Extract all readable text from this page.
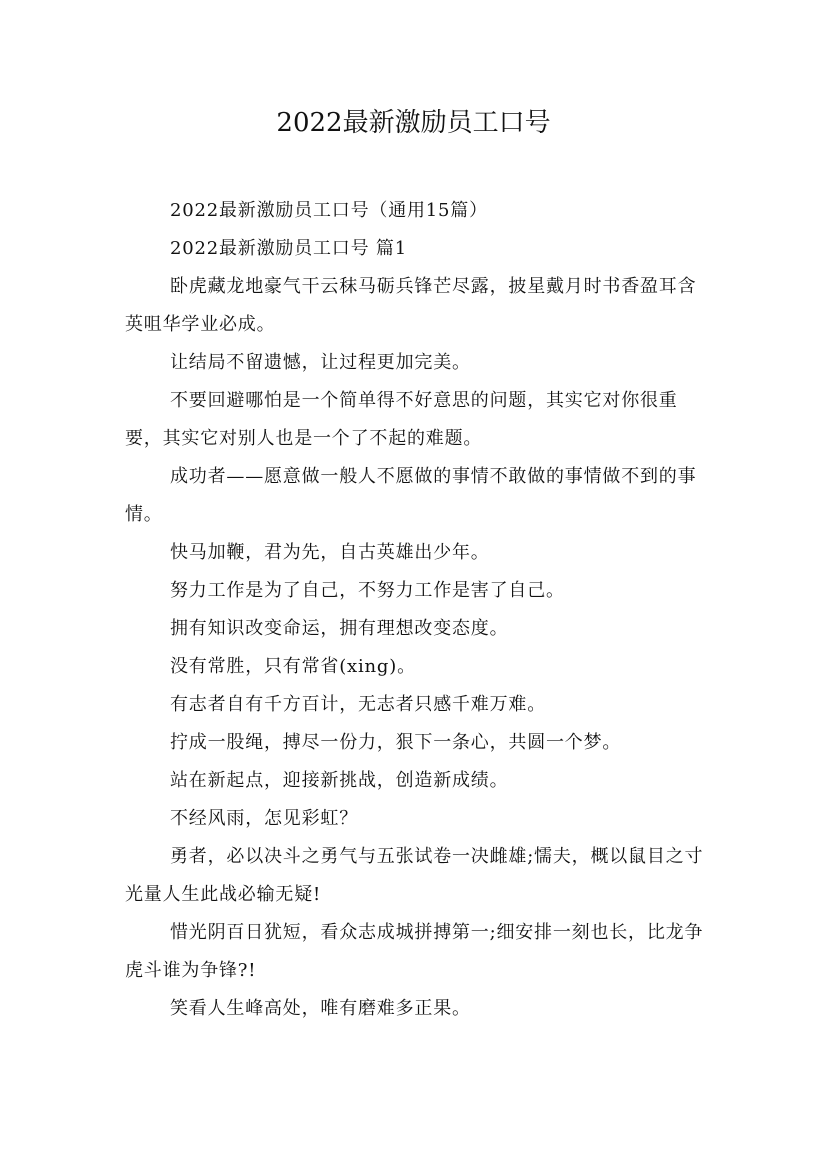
2022最新激励员工口号

2022最新激励员工口号（通用15篇）

2022最新激励员工口号 篇1

卧虎藏龙地豪气干云秣马砺兵锋芒尽露，披星戴月时书香盈耳含英咀华学业必成。

让结局不留遗憾，让过程更加完美。

不要回避哪怕是一个简单得不好意思的问题，其实它对你很重要，其实它对别人也是一个了不起的难题。

成功者——愿意做一般人不愿做的事情不敢做的事情做不到的事情。

快马加鞭，君为先，自古英雄出少年。

努力工作是为了自己，不努力工作是害了自己。

拥有知识改变命运，拥有理想改变态度。

没有常胜，只有常省(xing)。

有志者自有千方百计，无志者只感千难万难。

拧成一股绳，搏尽一份力，狠下一条心，共圆一个梦。

站在新起点，迎接新挑战，创造新成绩。

不经风雨，怎见彩虹？

勇者，必以决斗之勇气与五张试卷一决雌雄;懦夫，概以鼠目之寸光量人生此战必输无疑!

惜光阴百日犹短，看众志成城拼搏第一;细安排一刻也长，比龙争虎斗谁为争锋?!

笑看人生峰高处，唯有磨难多正果。
